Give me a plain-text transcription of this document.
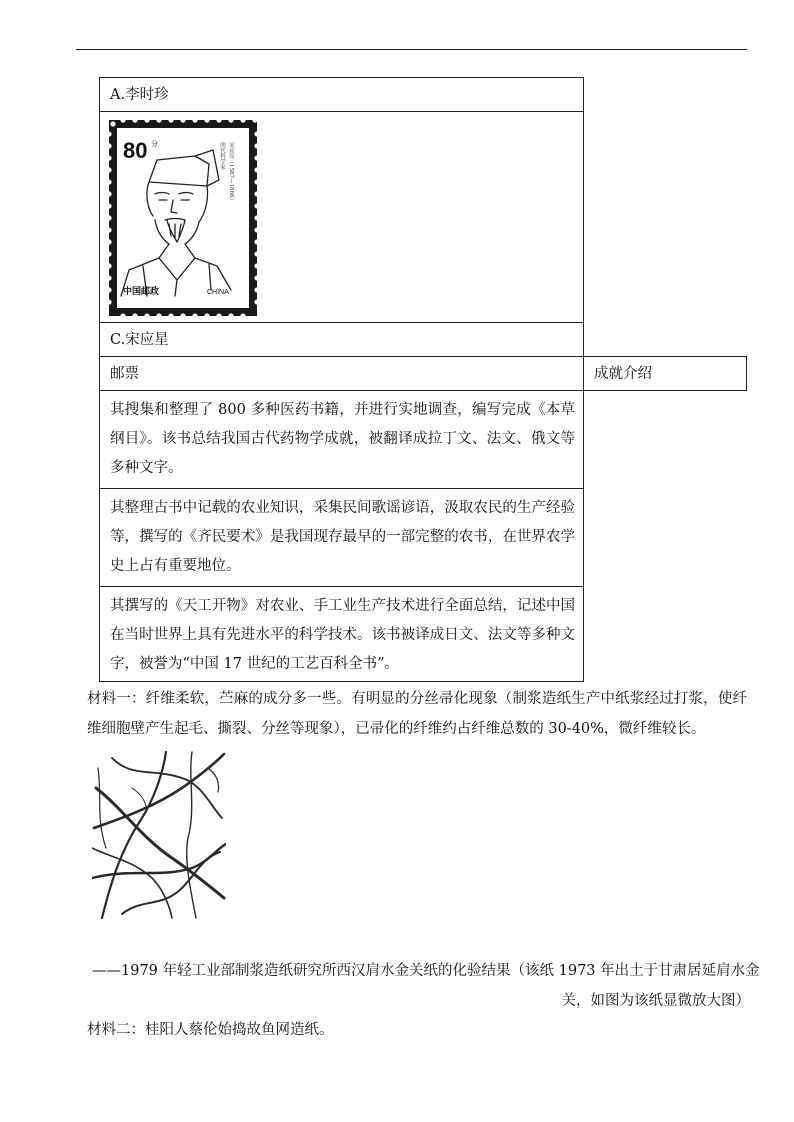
A.李时珍
80 分	宋应星（1587—1666）
明代科学家
中国邮政	CHINA
C.宋应星
邮票	成就介绍
其搜集和整理了 800 多种医药书籍，并进行实地调查，编写完成《本草纲目》。该书总结我国古代药物学成就，被翻译成拉丁文、法文、俄文等多种文字。
其整理古书中记载的农业知识，采集民间歌谣谚语，汲取农民的生产经验等，撰写的《齐民要术》是我国现存最早的一部完整的农书，在世界农学史上占有重要地位。
其撰写的《天工开物》对农业、手工业生产技术进行全面总结，记述中国在当时世界上具有先进水平的科学技术。该书被译成日文、法文等多种文字，被誉为“中国 17 世纪的工艺百科全书”。
材料一：纤维柔软，苎麻的成分多一些。有明显的分丝帚化现象（制浆造纸生产中纸浆经过打浆，使纤维细胞壁产生起毛、撕裂、分丝等现象），已帚化的纤维约占纤维总数的 30-40%，微纤维较长。
——1979 年轻工业部制浆造纸研究所西汉肩水金关纸的化验结果（该纸 1973 年出土于甘肃居延肩水金
关，如图为该纸显微放大图）
材料二：桂阳人蔡伦始捣故鱼网造纸。
